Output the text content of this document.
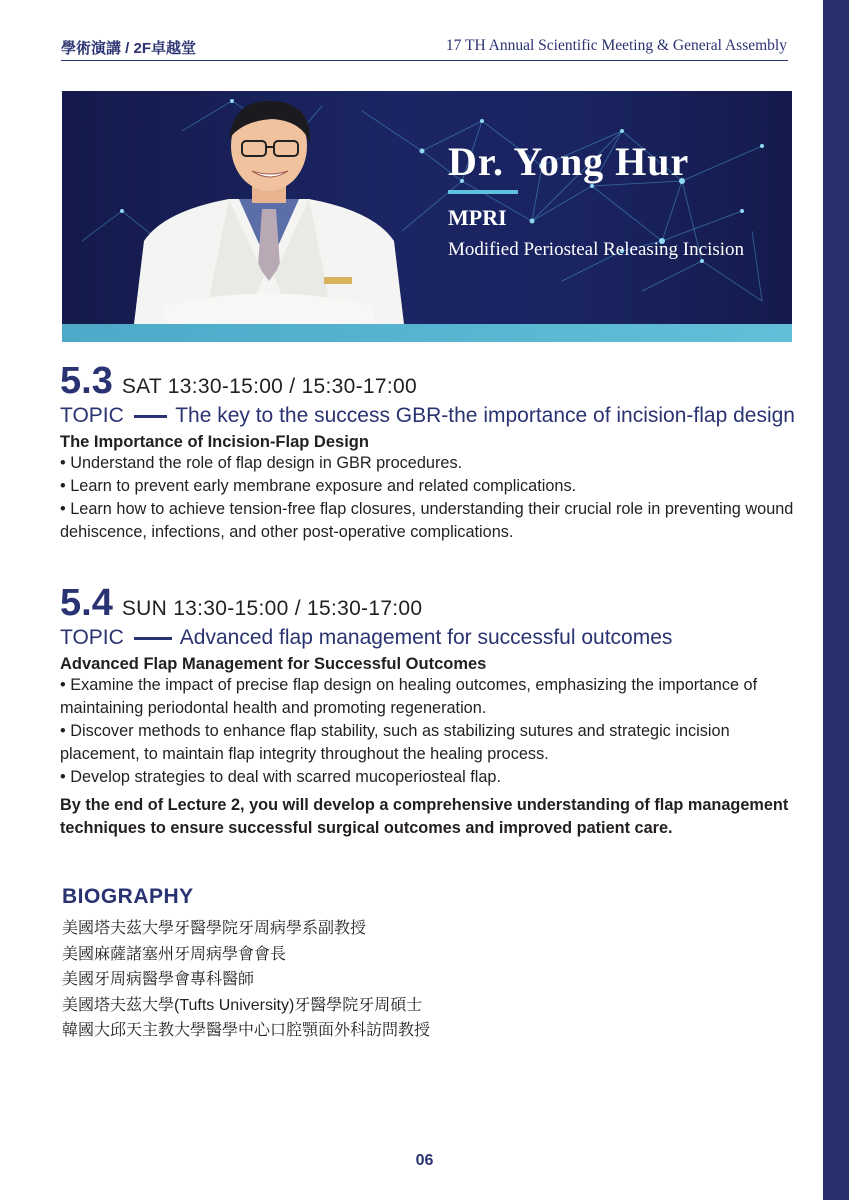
學術演講 / 2F卓越堂	17 TH Annual Scientific Meeting & General Assembly
Dr. Yong Hur
MPRI
Modified Periosteal Releasing Incision
5.3 SAT 13:30-15:00 / 15:30-17:00
TOPIC The key to the success GBR-the importance of incision-flap design
The Importance of Incision-Flap Design

• Understand the role of flap design in GBR procedures.

• Learn to prevent early membrane exposure and related complications.

• Learn how to achieve tension-free flap closures, understanding their crucial role in preventing wound dehiscence, infections, and other post-operative complications.

5.4 SUN 13:30-15:00 / 15:30-17:00
TOPIC	Advanced flap management for successful outcomes
Advanced Flap Management for Successful Outcomes

• Examine the impact of precise flap design on healing outcomes, emphasizing the importance of maintaining periodontal health and promoting regeneration.

• Discover methods to enhance flap stability, such as stabilizing sutures and strategic incision placement, to maintain flap integrity throughout the healing process.

• Develop strategies to deal with scarred mucoperiosteal flap.

By the end of Lecture 2, you will develop a comprehensive understanding of flap management techniques to ensure successful surgical outcomes and improved patient care.
BIOGRAPHY
美國塔夫茲大學牙醫學院牙周病學系副教授
美國麻薩諸塞州牙周病學會會長
美國牙周病醫學會專科醫師
美國塔夫茲大學(Tufts University)牙醫學院牙周碩士
韓國大邱天主教大學醫學中心口腔顎面外科訪問教授
06
